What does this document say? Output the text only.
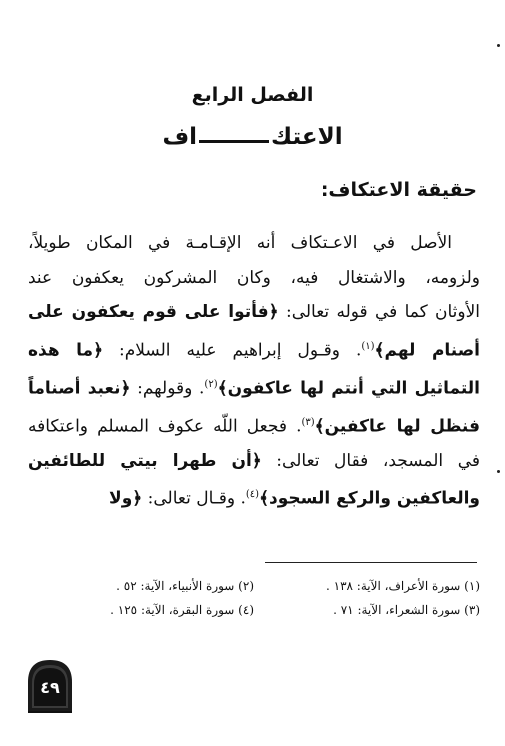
الفصل الرابع
الاعتك
اف
حقيقة الاعتكاف:
الأصل في الاعـتكاف أنه الإقـامـة في المكان طويلاً،
ولزومه، والاشتغال فيه، وكان المشركون يعكفون عند
الأوثان كما في قوله تعالى: ﴿فأتوا على قوم يعكفون على
أصنام لهم﴾$^{(١)}$. وقـول إبراهيم عليه السلام: ﴿ما هذه
التماثيل التي أنتم لها عاكفون﴾$^{(٢)}$. وقولهم: ﴿نعبد أصناماً
فنظل لها عاكفين﴾$^{(٣)}$. فجعل اللّه عكوف المسلم واعتكافه
في المسجد، فقال تعالى: ﴿أن طهرا بيتي للطائفين
والعاكفين والركع السجود﴾$^{(٤)}$. وقـال تعالى: ﴿ولا
(١) سورة الأعراف، الآية: ١٣٨ .
(٢) سورة الأنبياء، الآية: ٥٢ .
(٣) سورة الشعراء، الآية: ٧١ .
(٤) سورة البقرة، الآية: ١٢٥ .
٤٩
